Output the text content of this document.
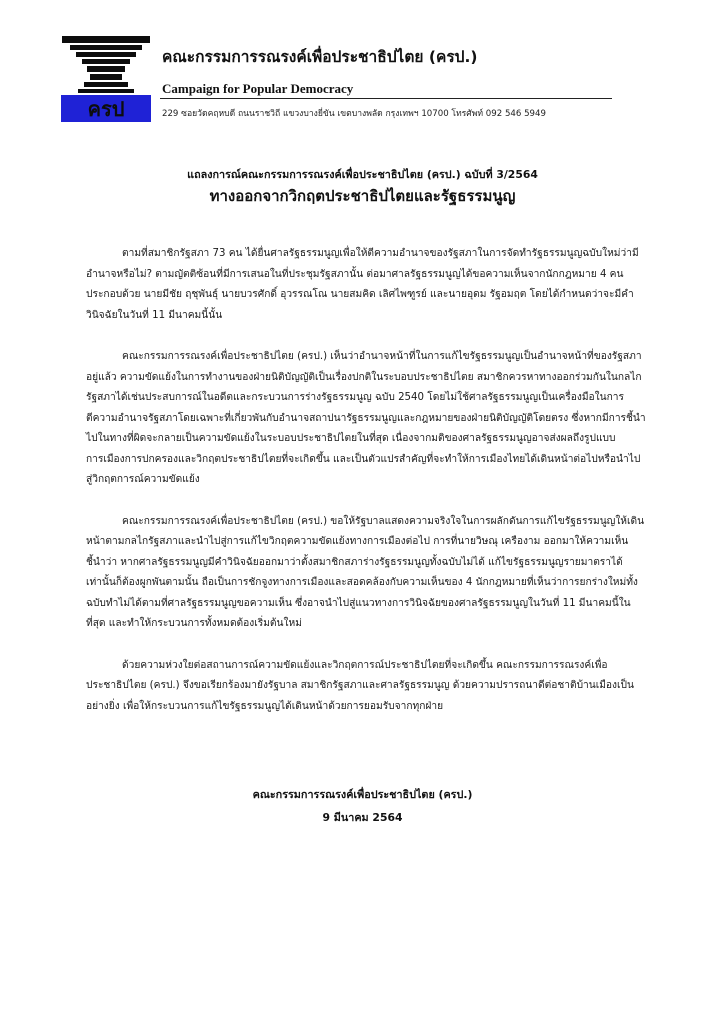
ครป
คณะกรรมการรณรงค์เพื่อประชาธิปไตย (ครป.)
Campaign for Popular Democracy
229 ซอยวัดคฤหบดี ถนนราชวิถี แขวงบางยี่ขัน เขตบางพลัด กรุงเทพฯ 10700 โทรศัพท์ 092 546 5949
แถลงการณ์คณะกรรมการรณรงค์เพื่อประชาธิปไตย (ครป.) ฉบับที่ 3/2564
ทางออกจากวิกฤตประชาธิปไตยและรัฐธรรมนูญ

ตามที่สมาชิกรัฐสภา 73 คน ได้ยื่นศาลรัฐธรรมนูญเพื่อให้ตีความอำนาจของรัฐสภาในการจัดทำรัฐธรรมนูญฉบับใหม่ว่ามีอำนาจหรือไม่? ตามญัตติซ้อนที่มีการเสนอในที่ประชุมรัฐสภานั้น ต่อมาศาลรัฐธรรมนูญได้ขอความเห็นจากนักกฎหมาย 4 คน ประกอบด้วย นายมีชัย ฤชุพันธุ์ นายบวรศักดิ์ อุวรรณโณ นายสมคิด เลิศไพฑูรย์ และนายอุดม รัฐอมฤต โดยได้กำหนดว่าจะมีคำวินิจฉัยในวันที่ 11 มีนาคมนี้นั้น

คณะกรรมการรณรงค์เพื่อประชาธิปไตย (ครป.) เห็นว่าอำนาจหน้าที่ในการแก้ไขรัฐธรรมนูญเป็นอำนาจหน้าที่ของรัฐสภาอยู่แล้ว ความขัดแย้งในการทำงานของฝ่ายนิติบัญญัติเป็นเรื่องปกติในระบอบประชาธิปไตย สมาชิกควรหาทางออกร่วมกันในกลไกรัฐสภาได้เช่นประสบการณ์ในอดีตและกระบวนการร่างรัฐธรรมนูญ ฉบับ 2540 โดยไม่ใช้ศาลรัฐธรรมนูญเป็นเครื่องมือในการตีความอำนาจรัฐสภาโดยเฉพาะที่เกี่ยวพันกับอำนาจสถาปนารัฐธรรมนูญและกฎหมายของฝ่ายนิติบัญญัติโดยตรง ซึ่งหากมีการชี้นำไปในทางที่ผิดจะกลายเป็นความขัดแย้งในระบอบประชาธิปไตยในที่สุด เนื่องจากมติของศาลรัฐธรรมนูญอาจส่งผลถึงรูปแบบการเมืองการปกครองและวิกฤตประชาธิปไตยที่จะเกิดขึ้น และเป็นตัวแปรสำคัญที่จะทำให้การเมืองไทยได้เดินหน้าต่อไปหรือนำไปสู่วิกฤตการณ์ความขัดแย้ง

คณะกรรมการรณรงค์เพื่อประชาธิปไตย (ครป.) ขอให้รัฐบาลแสดงความจริงใจในการผลักดันการแก้ไขรัฐธรรมนูญให้เดินหน้าตามกลไกรัฐสภาและนำไปสู่การแก้ไขวิกฤตความขัดแย้งทางการเมืองต่อไป การที่นายวิษณุ เครืองาม ออกมาให้ความเห็นชี้นำว่า หากศาลรัฐธรรมนูญมีคำวินิจฉัยออกมาว่าตั้งสมาชิกสภาร่างรัฐธรรมนูญทั้งฉบับไม่ได้ แก้ไขรัฐธรรมนูญรายมาตราได้เท่านั้นก็ต้องผูกพันตามนั้น ถือเป็นการชักจูงทางการเมืองและสอดคล้องกับความเห็นของ 4 นักกฎหมายที่เห็นว่าการยกร่างใหม่ทั้งฉบับทำไม่ได้ตามที่ศาลรัฐธรรมนูญขอความเห็น ซึ่งอาจนำไปสู่แนวทางการวินิจฉัยของศาลรัฐธรรมนูญในวันที่ 11 มีนาคมนี้ในที่สุด และทำให้กระบวนการทั้งหมดต้องเริ่มต้นใหม่

ด้วยความห่วงใยต่อสถานการณ์ความขัดแย้งและวิกฤตการณ์ประชาธิปไตยที่จะเกิดขึ้น คณะกรรมการรณรงค์เพื่อประชาธิปไตย (ครป.) จึงขอเรียกร้องมายังรัฐบาล สมาชิกรัฐสภาและศาลรัฐธรรมนูญ ด้วยความปรารถนาดีต่อชาติบ้านเมืองเป็นอย่างยิ่ง เพื่อให้กระบวนการแก้ไขรัฐธรรมนูญได้เดินหน้าด้วยการยอมรับจากทุกฝ่าย

คณะกรรมการรณรงค์เพื่อประชาธิปไตย (ครป.)
9 มีนาคม 2564
